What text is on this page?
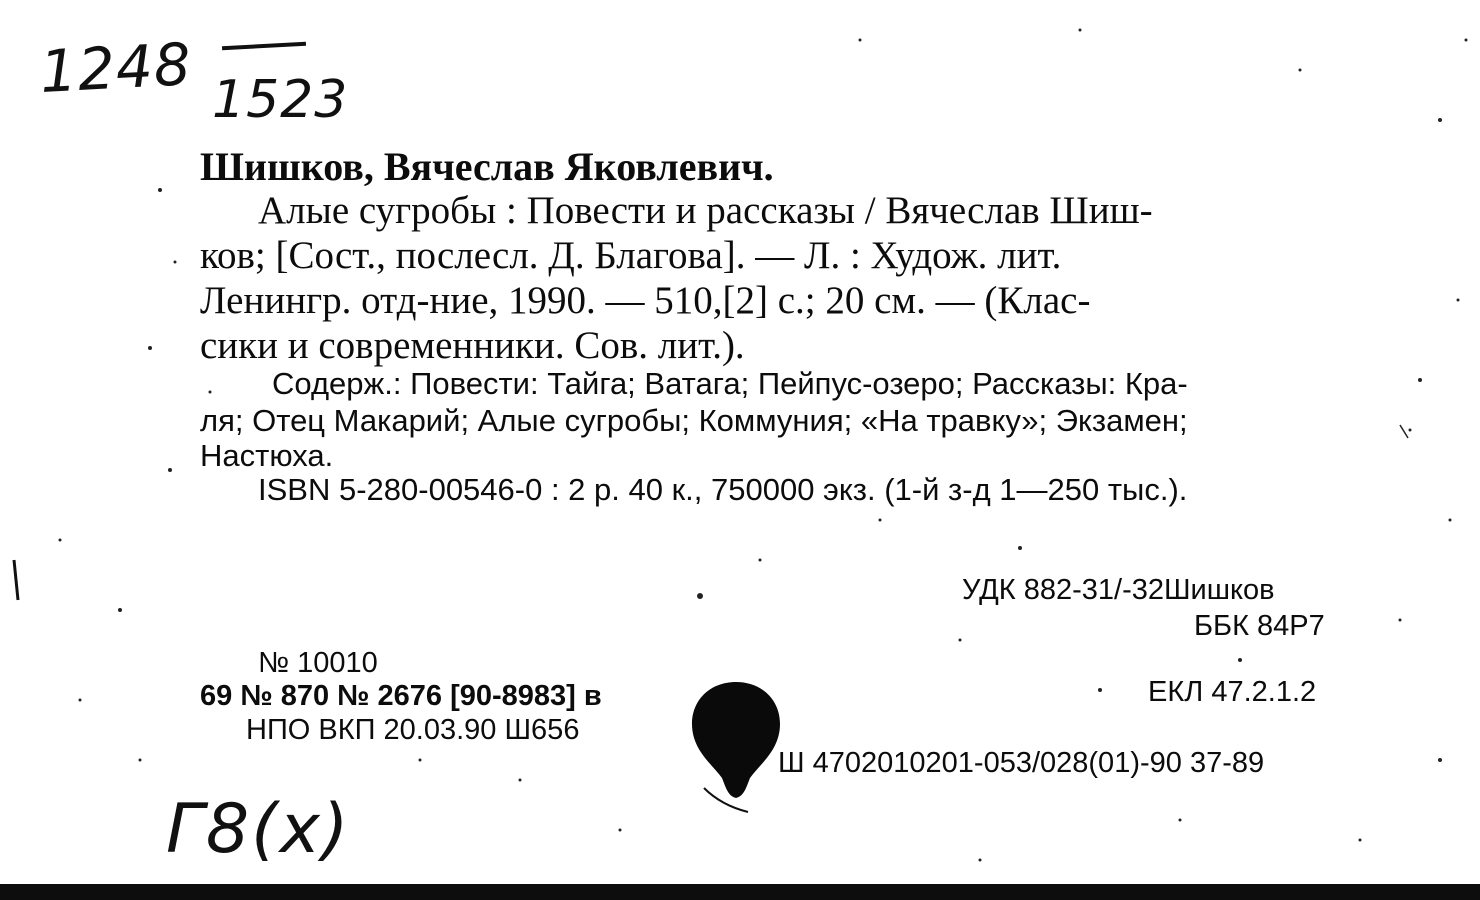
1248 1523
Шишков, Вячеслав Яковлевич.
Алые сугробы : Повести и рассказы / Вячеслав Шиш-
ков; [Сост., послесл. Д. Благова]. — Л. : Худож. лит.
Ленингр. отд-ние, 1990. — 510,[2] с.; 20 см. — (Клас-
сики и современники. Сов. лит.).
Содерж.: Повести: Тайга; Ватага; Пейпус-озеро; Рассказы: Кра-
ля; Отец Макарий; Алые сугробы; Коммуния; «На травку»; Экзамен;
Настюха.
ISBN 5-280-00546-0 : 2 р. 40 к., 750000 экз. (1-й з-д 1—250 тыс.).
УДК 882-31/-32Шишков
ББК 84Р7
ЕКЛ 47.2.1.2
Ш 4702010201-053/028(01)-90 37-89
№ 10010
69 № 870 № 2676 [90-8983] в
НПО ВКП 20.03.90 Ш656
Г8(х)
